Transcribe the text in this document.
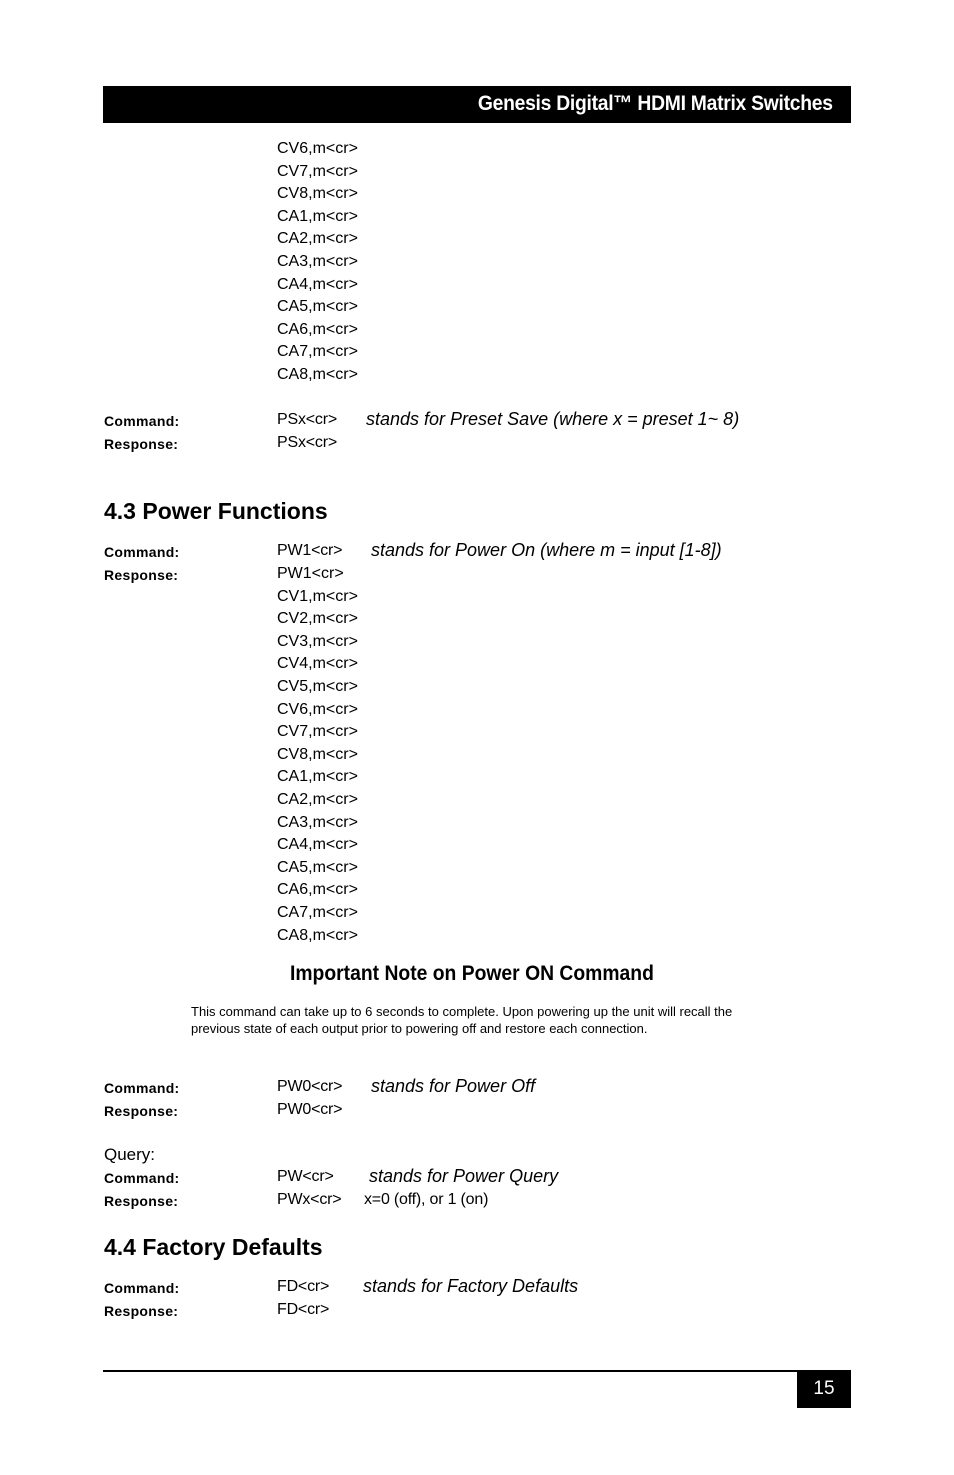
Genesis Digital™ HDMI Matrix Switches
CV6,m<cr>
CV7,m<cr>
CV8,m<cr>
CA1,m<cr>
CA2,m<cr>
CA3,m<cr>
CA4,m<cr>
CA5,m<cr>
CA6,m<cr>
CA7,m<cr>
CA8,m<cr>
Command:	PSx<cr> stands for Preset Save (where x = preset 1~ 8)
Response:	PSx<cr>
4.3 Power Functions
Command:	PW1<cr> stands for Power On (where m = input [1-8])
Response:	PW1<cr>
CV1,m<cr>
CV2,m<cr>
CV3,m<cr>
CV4,m<cr>
CV5,m<cr>
CV6,m<cr>
CV7,m<cr>
CV8,m<cr>
CA1,m<cr>
CA2,m<cr>
CA3,m<cr>
CA4,m<cr>
CA5,m<cr>
CA6,m<cr>
CA7,m<cr>
CA8,m<cr>
Important Note on Power ON Command
This command can take up to 6 seconds to complete. Upon powering up the unit will recall the
previous state of each output prior to powering off and restore each connection.
Command:	PW0<cr> stands for Power Off
Response:	PW0<cr>
Query:
Command:	PW<cr> stands for Power Query
Response:	PWx<cr> x=0 (off), or 1 (on)
4.4 Factory Defaults
Command:	FD<cr> stands for Factory Defaults
Response:	FD<cr>
15
